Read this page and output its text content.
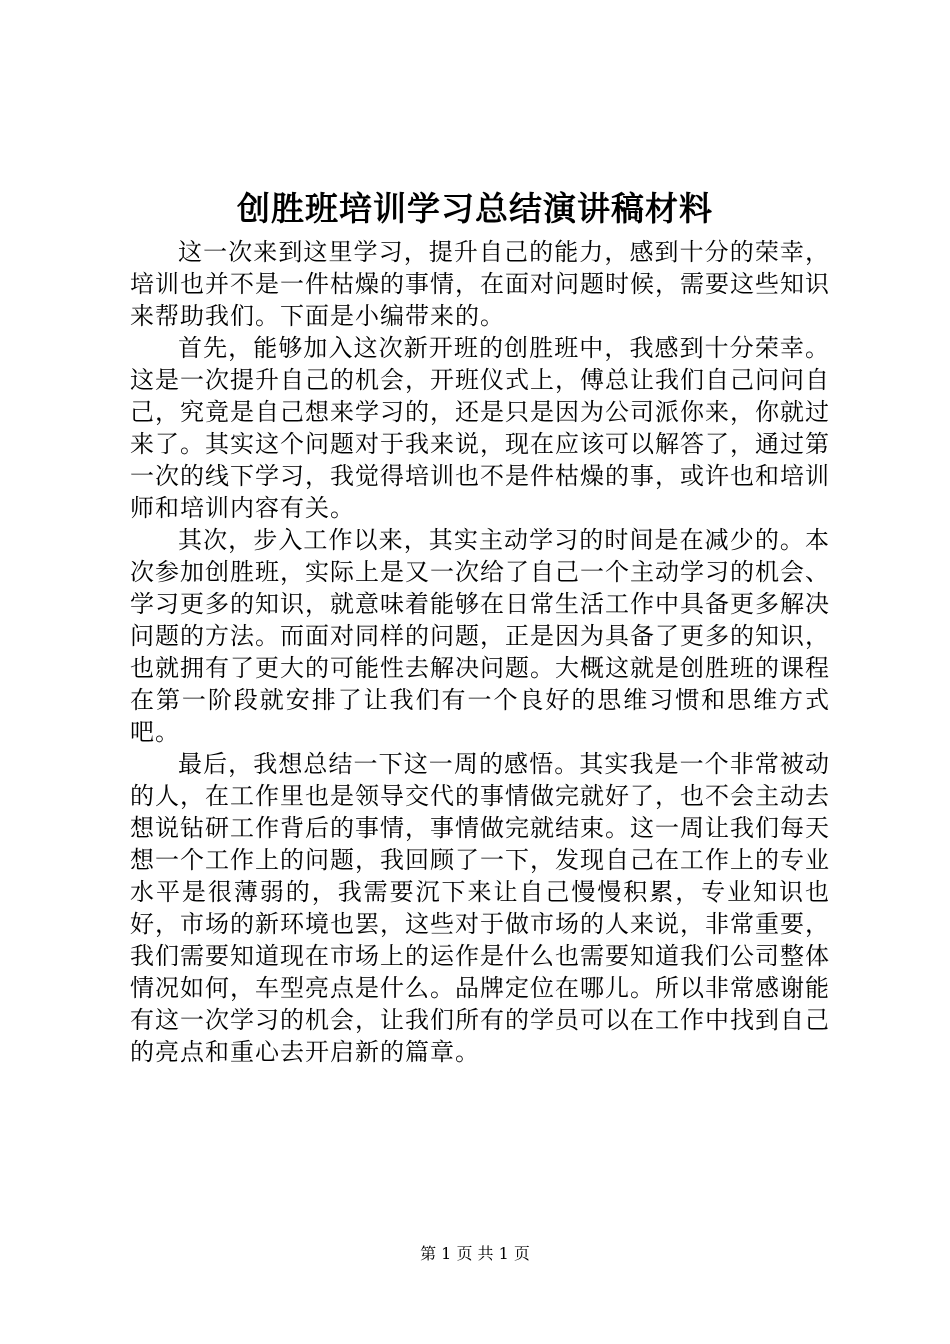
创胜班培训学习总结演讲稿材料

这一次来到这里学习，提升自己的能力，感到十分的荣幸，培训也并不是一件枯燥的事情，在面对问题时候，需要这些知识来帮助我们。下面是小编带来的。

首先，能够加入这次新开班的创胜班中，我感到十分荣幸。这是一次提升自己的机会，开班仪式上，傅总让我们自己问问自己，究竟是自己想来学习的，还是只是因为公司派你来，你就过来了。其实这个问题对于我来说，现在应该可以解答了，通过第一次的线下学习，我觉得培训也不是件枯燥的事，或许也和培训师和培训内容有关。

其次，步入工作以来，其实主动学习的时间是在减少的。本次参加创胜班，实际上是又一次给了自己一个主动学习的机会、学习更多的知识，就意味着能够在日常生活工作中具备更多解决问题的方法。而面对同样的问题，正是因为具备了更多的知识，也就拥有了更大的可能性去解决问题。大概这就是创胜班的课程在第一阶段就安排了让我们有一个良好的思维习惯和思维方式吧。

最后，我想总结一下这一周的感悟。其实我是一个非常被动的人，在工作里也是领导交代的事情做完就好了，也不会主动去想说钻研工作背后的事情，事情做完就结束。这一周让我们每天想一个工作上的问题，我回顾了一下，发现自己在工作上的专业水平是很薄弱的，我需要沉下来让自己慢慢积累，专业知识也好，市场的新环境也罢，这些对于做市场的人来说，非常重要，我们需要知道现在市场上的运作是什么也需要知道我们公司整体情况如何，车型亮点是什么。品牌定位在哪儿。所以非常感谢能有这一次学习的机会，让我们所有的学员可以在工作中找到自己的亮点和重心去开启新的篇章。

第 1 页 共 1 页
